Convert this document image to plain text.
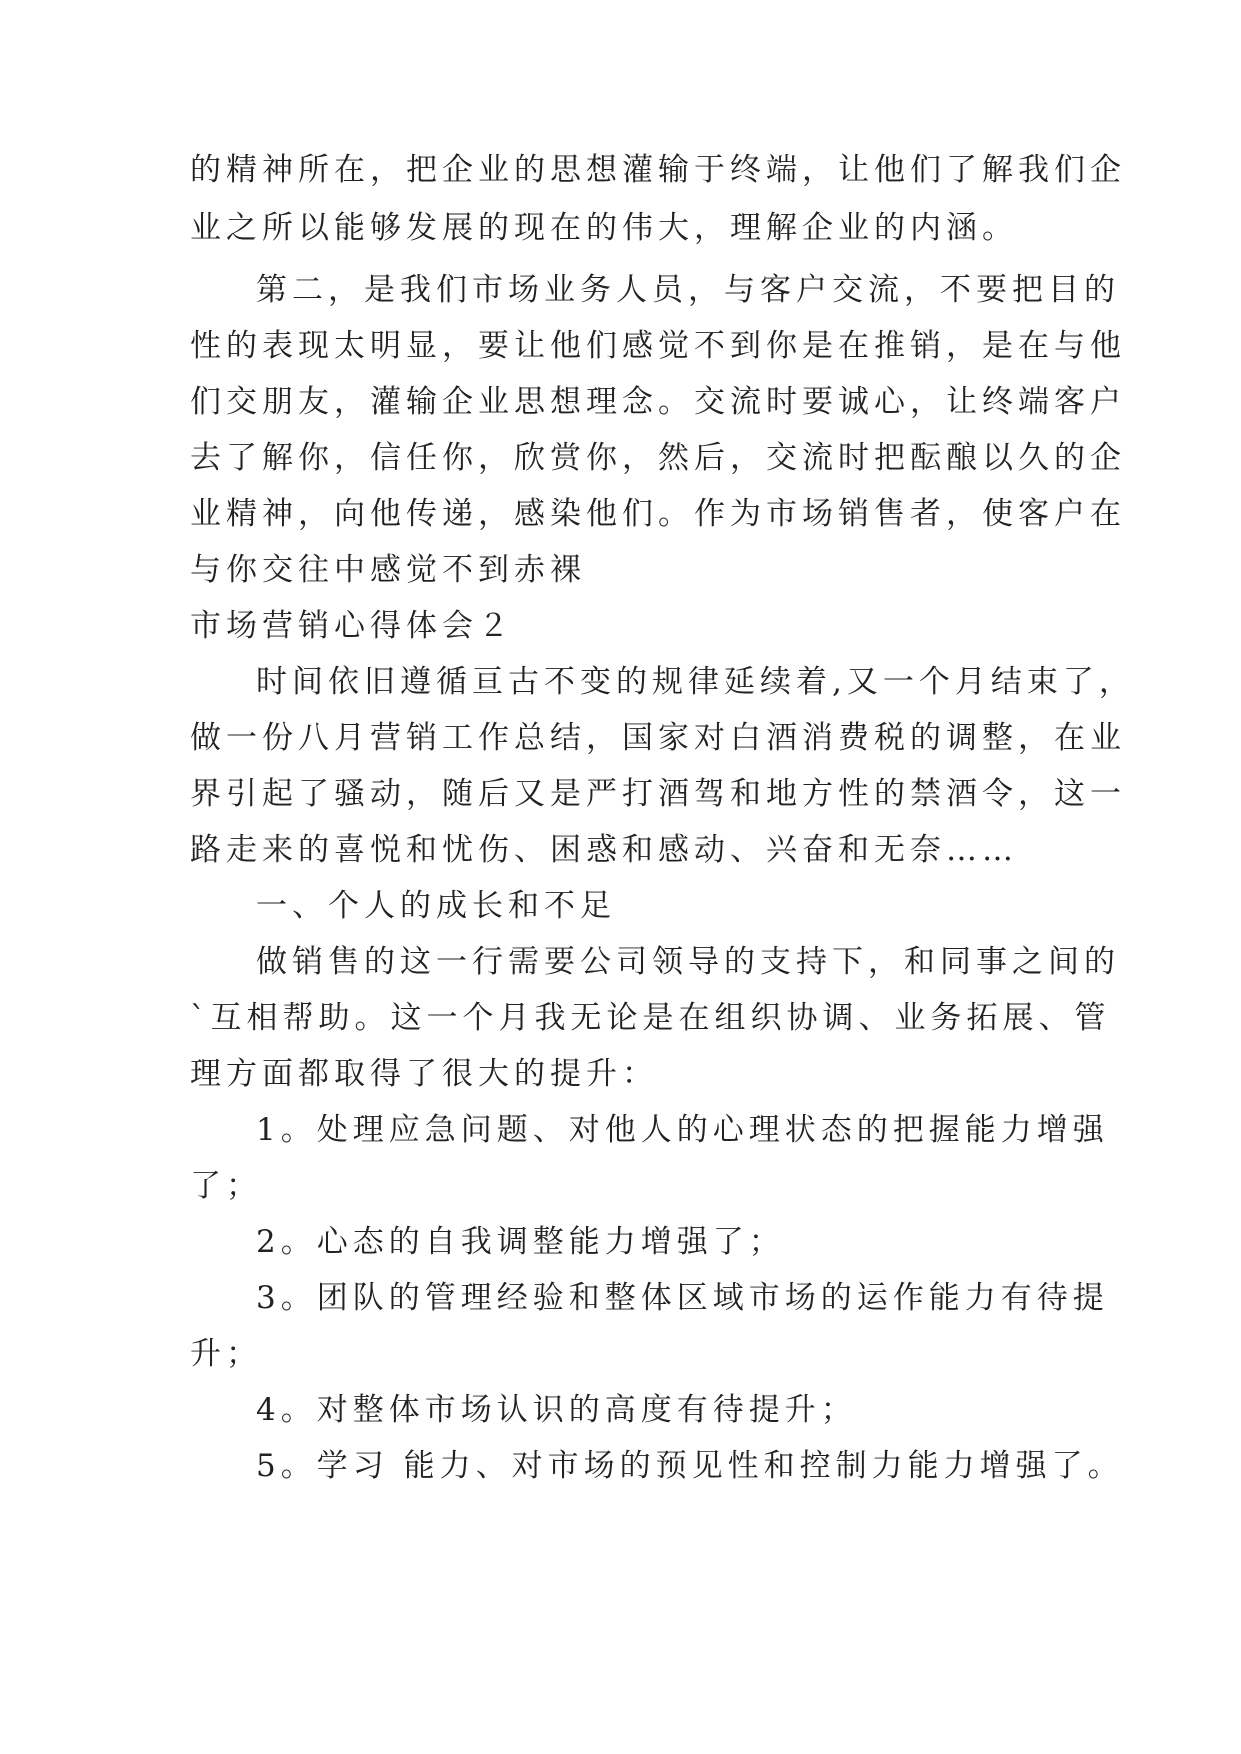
的精神所在，把企业的思想灌输于终端，让他们了解我们企
业之所以能够发展的现在的伟大，理解企业的内涵。
第二，是我们市场业务人员，与客户交流，不要把目的
性的表现太明显，要让他们感觉不到你是在推销，是在与他
们交朋友，灌输企业思想理念。交流时要诚心，让终端客户
去了解你，信任你，欣赏你，然后，交流时把酝酿以久的企
业精神，向他传递，感染他们。作为市场销售者，使客户在
与你交往中感觉不到赤裸
市场营销心得体会２
时间依旧遵循亘古不变的规律延续着,又一个月结束了，
做一份八月营销工作总结，国家对白酒消费税的调整，在业
界引起了骚动，随后又是严打酒驾和地方性的禁酒令，这一
路走来的喜悦和忧伤、困惑和感动、兴奋和无奈……
一、个人的成长和不足
做销售的这一行需要公司领导的支持下，和同事之间的
`互相帮助。这一个月我无论是在组织协调、业务拓展、管
理方面都取得了很大的提升：
1。处理应急问题、对他人的心理状态的把握能力增强
了；
2。心态的自我调整能力增强了；
3。团队的管理经验和整体区域市场的运作能力有待提
升；
4。对整体市场认识的高度有待提升；
5。学习 能力、对市场的预见性和控制力能力增强了。
